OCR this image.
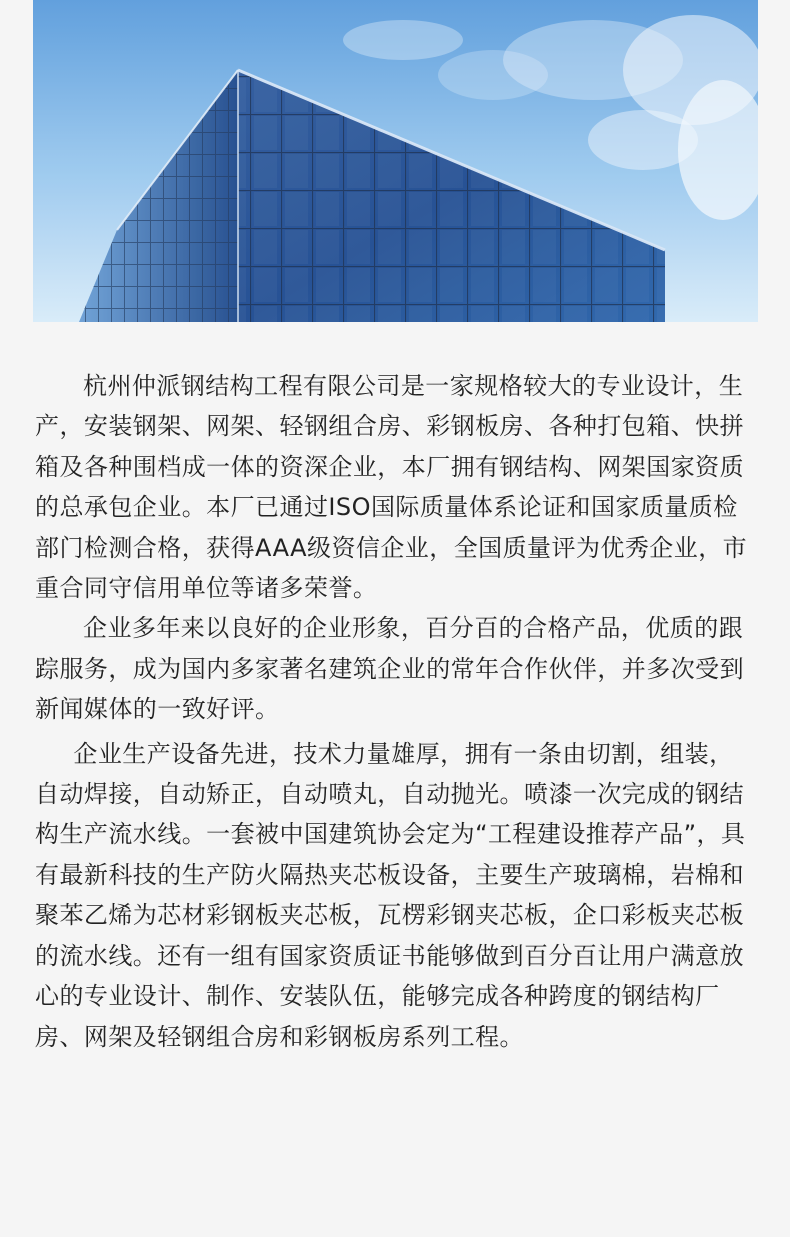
杭州仲派钢结构工程有限公司是一家规格较大的专业设计，生产，安装钢架、网架、轻钢组合房、彩钢板房、各种打包箱、快拼箱及各种围档成一体的资深企业，本厂拥有钢结构、网架国家资质的总承包企业。本厂已通过ISO国际质量体系论证和国家质量质检部门检测合格，获得AAA级资信企业，全国质量评为优秀企业，市重合同守信用单位等诸多荣誉。

企业多年来以良好的企业形象，百分百的合格产品，优质的跟踪服务，成为国内多家著名建筑企业的常年合作伙伴，并多次受到新闻媒体的一致好评。

企业生产设备先进，技术力量雄厚，拥有一条由切割，组装，自动焊接，自动矫正，自动喷丸，自动抛光。喷漆一次完成的钢结构生产流水线。一套被中国建筑协会定为“工程建设推荐产品”，具有最新科技的生产防火隔热夹芯板设备，主要生产玻璃棉，岩棉和聚苯乙烯为芯材彩钢板夹芯板，瓦楞彩钢夹芯板，企口彩板夹芯板的流水线。还有一组有国家资质证书能够做到百分百让用户满意放心的专业设计、制作、安装队伍，能够完成各种跨度的钢结构厂房、网架及轻钢组合房和彩钢板房系列工程。
